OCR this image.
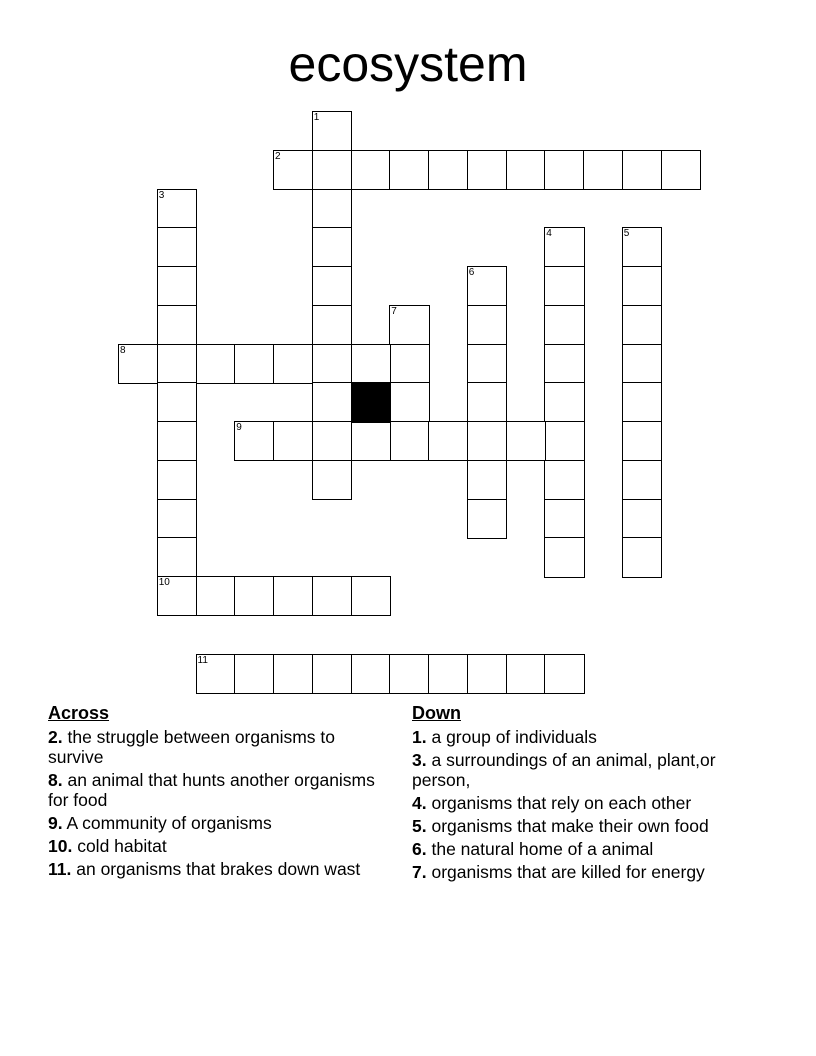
ecosystem
1
2
3
10
4	5
6
7
8
9
11
Across
2. the struggle between organisms to survive
8. an animal that hunts another organisms for food
9. A community of organisms
10. cold habitat
11. an organisms that brakes down wast
Down
1. a group of individuals
3. a surroundings of an animal, plant,or person,
4. organisms that rely on each other
5. organisms that make their own food
6. the natural home of a animal
7. organisms that are killed for energy
